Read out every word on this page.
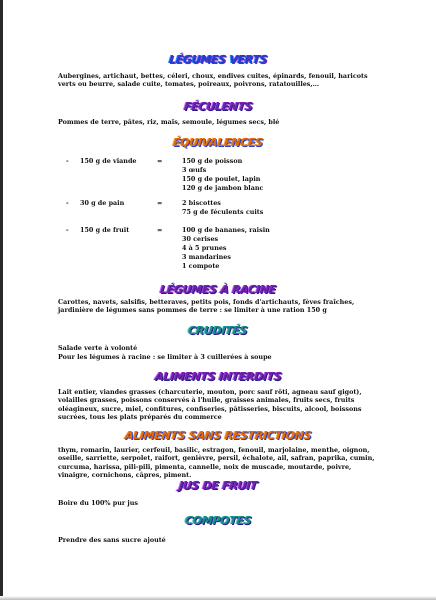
LÉGUMES VERTS
Aubergines, artichaut, bettes, céleri, choux, endives cuites, épinards, fenouil, haricots verts ou beurre, salade cuite, tomates, poireaux, poivrons, ratatouilles,…
FÉCULENTS
Pommes de terre, pâtes, riz, maïs, semoule, légumes secs, blé
ÉQUIVALENCES
- 150 g de viande	=	150 g de poisson
3 œufs
150 g de poulet, lapin
120 g de jambon blanc
- 30 g de pain	=	2 biscottes
75 g de féculents cuits
- 150 g de fruit	=	100 g de bananes, raisin
30 cerises
4 à 5 prunes
3 mandarines
1 compote
LÉGUMES À RACINE
Carottes, navets, salsifis, betteraves, petits pois, fonds d'artichauts, fèves fraîches, jardinière de légumes sans pommes de terre : se limiter à une ration 150 g
CRUDITÉS
Salade verte à volonté
Pour les légumes à racine : se limiter à 3 cuillerées à soupe
ALIMENTS INTERDITS
Lait entier, viandes grasses (charcuterie, mouton, porc sauf rôti, agneau sauf gigot), volailles grasses, poissons conservés à l'huile, graisses animales, fruits secs, fruits oléagineux, sucre, miel, confitures, confiseries, pâtisseries, biscuits, alcool, boissons sucrées, tous les plats préparés du commerce
ALIMENTS SANS RESTRICTIONS
thym, romarin, laurier, cerfeuil, basilic, estragon, fenouil, marjolaine, menthe, oignon, oseille, sarriette, serpolet, raifort, genièvre, persil, échalote, ail, safran, paprika, cumin, curcuma, harissa, pili-pili, pimenta, cannelle, noix de muscade, moutarde, poivre, vinaigre, cornichons, câpres, piment.
JUS DE FRUIT
Boire du 100% pur jus
COMPOTES
Prendre des sans sucre ajouté
